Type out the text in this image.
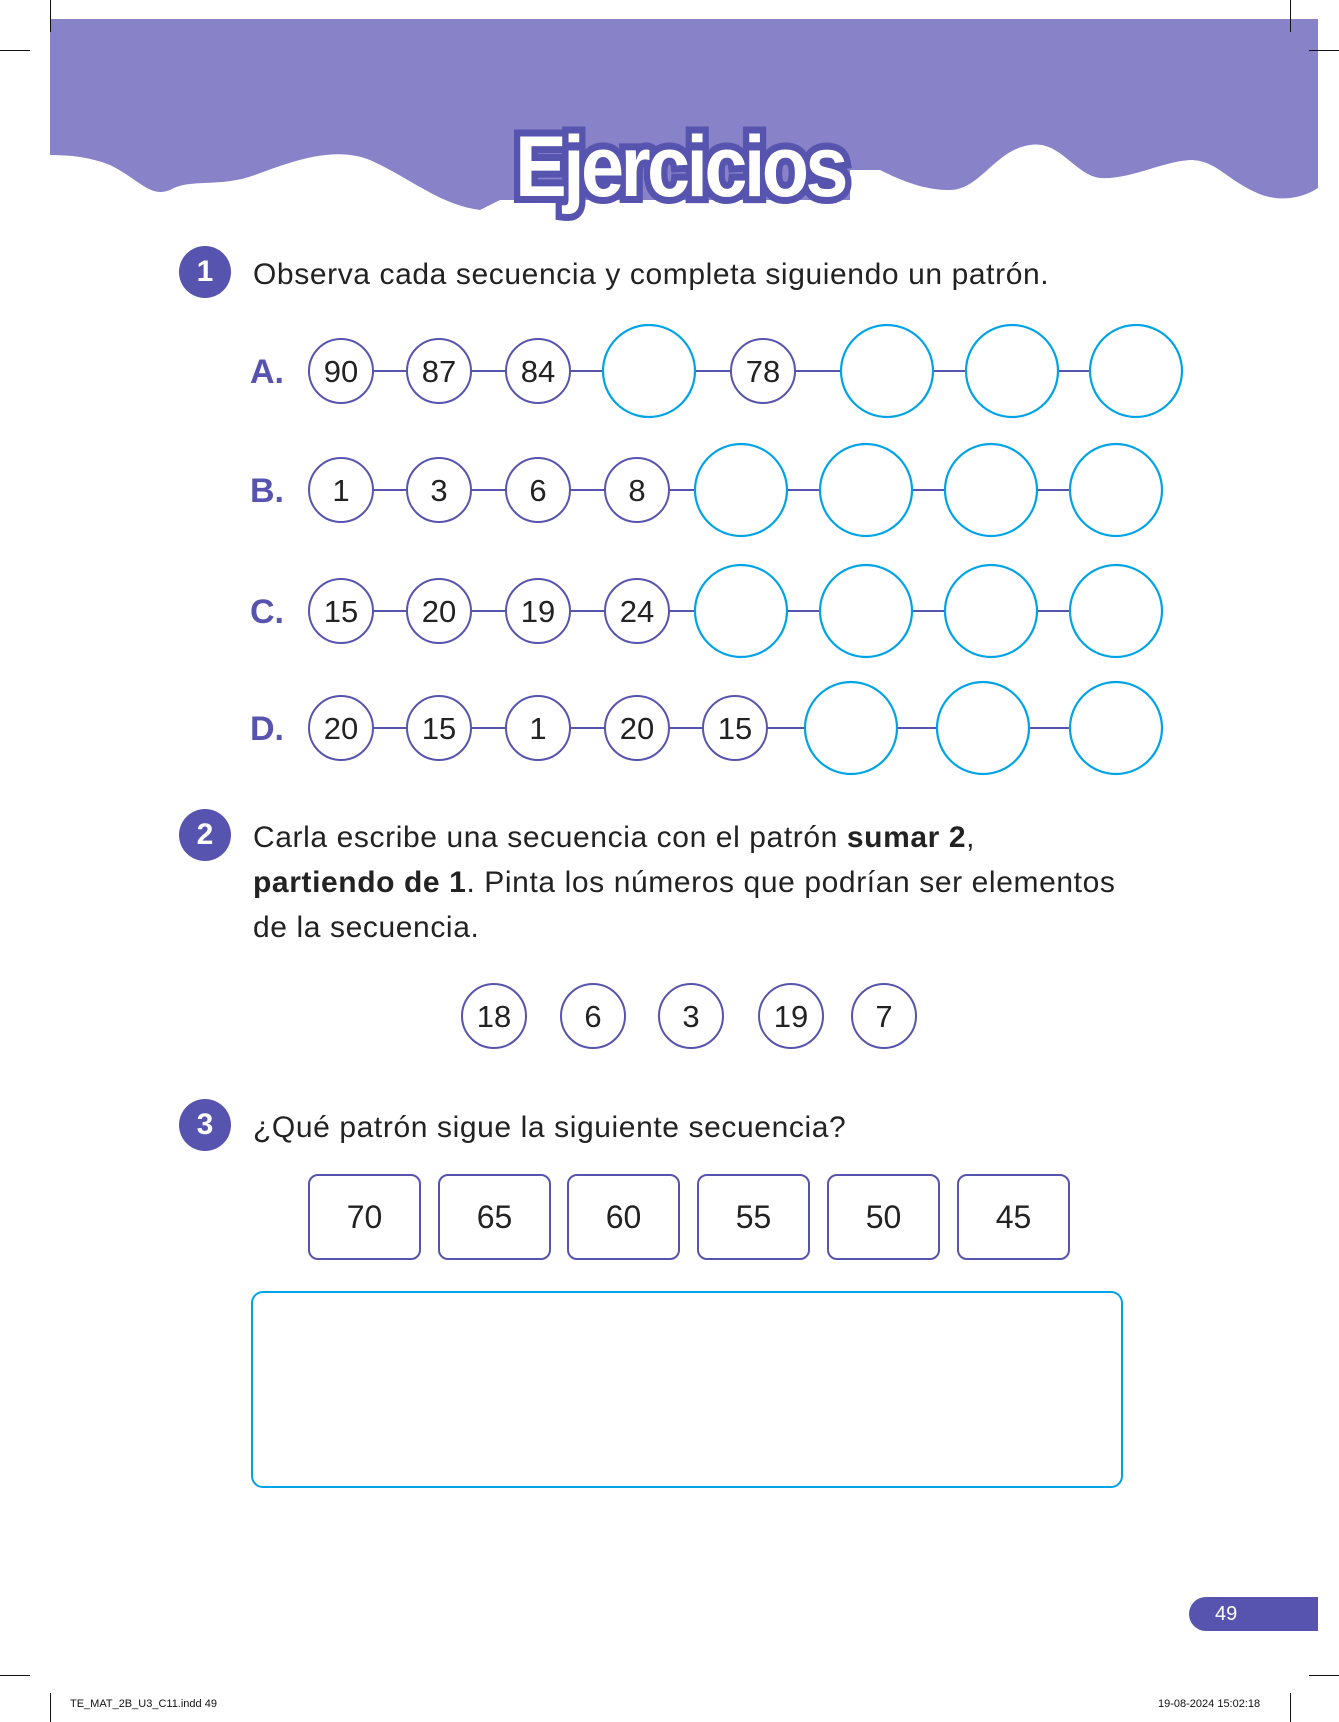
Ejercicios
1	Observa cada secuencia y completa siguiendo un patrón.
A. 90 87 84	78
B. 1	3	6	8
C. 15 20 19 24
D. 20 15 1 20 15
18 6	3 19 7
2	Carla escribe una secuencia con el patrón sumar 2,
partiendo de 1. Pinta los números que podrían ser elementos
de la secuencia.
3	¿Qué patrón sigue la siguiente secuencia?
70	65	60	55	50	45
49
TE_MAT_2B_U3_C11.indd 49	19-08-2024 15:02:18
